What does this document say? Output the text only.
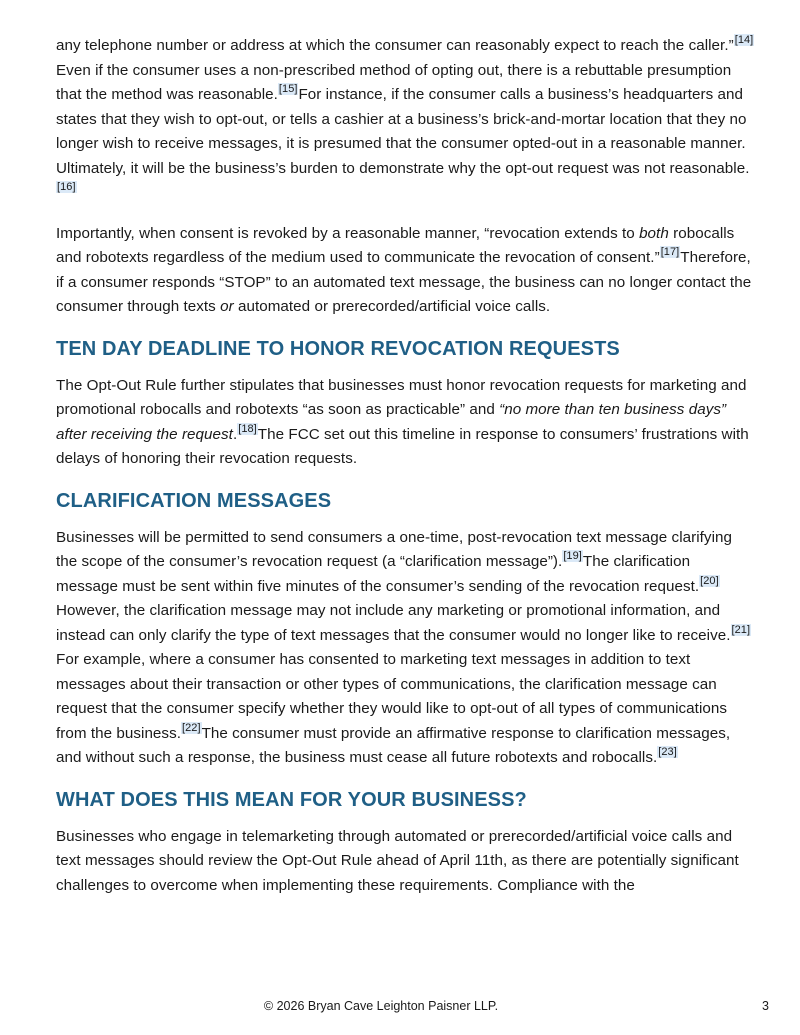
any telephone number or address at which the consumer can reasonably expect to reach the caller.”[14] Even if the consumer uses a non-prescribed method of opting out, there is a rebuttable presumption that the method was reasonable.[15]For instance, if the consumer calls a business’s headquarters and states that they wish to opt-out, or tells a cashier at a business’s brick-and-mortar location that they no longer wish to receive messages, it is presumed that the consumer opted-out in a reasonable manner. Ultimately, it will be the business’s burden to demonstrate why the opt-out request was not reasonable.[16]

Importantly, when consent is revoked by a reasonable manner, “revocation extends to both robocalls and robotexts regardless of the medium used to communicate the revocation of consent.”[17]Therefore, if a consumer responds “STOP” to an automated text message, the business can no longer contact the consumer through texts or automated or prerecorded/artificial voice calls.

TEN DAY DEADLINE TO HONOR REVOCATION REQUESTS

The Opt-Out Rule further stipulates that businesses must honor revocation requests for marketing and promotional robocalls and robotexts “as soon as practicable” and “no more than ten business days” after receiving the request.[18]The FCC set out this timeline in response to consumers’ frustrations with delays of honoring their revocation requests.

CLARIFICATION MESSAGES

Businesses will be permitted to send consumers a one-time, post-revocation text message clarifying the scope of the consumer’s revocation request (a “clarification message”).[19]The clarification message must be sent within five minutes of the consumer’s sending of the revocation request.[20] However, the clarification message may not include any marketing or promotional information, and instead can only clarify the type of text messages that the consumer would no longer like to receive.[21] For example, where a consumer has consented to marketing text messages in addition to text messages about their transaction or other types of communications, the clarification message can request that the consumer specify whether they would like to opt-out of all types of communications from the business.[22]The consumer must provide an affirmative response to clarification messages, and without such a response, the business must cease all future robotexts and robocalls.[23]

WHAT DOES THIS MEAN FOR YOUR BUSINESS?

Businesses who engage in telemarketing through automated or prerecorded/artificial voice calls and text messages should review the Opt-Out Rule ahead of April 11th, as there are potentially significant challenges to overcome when implementing these requirements. Compliance with the

© 2026 Bryan Cave Leighton Paisner LLP.	3
